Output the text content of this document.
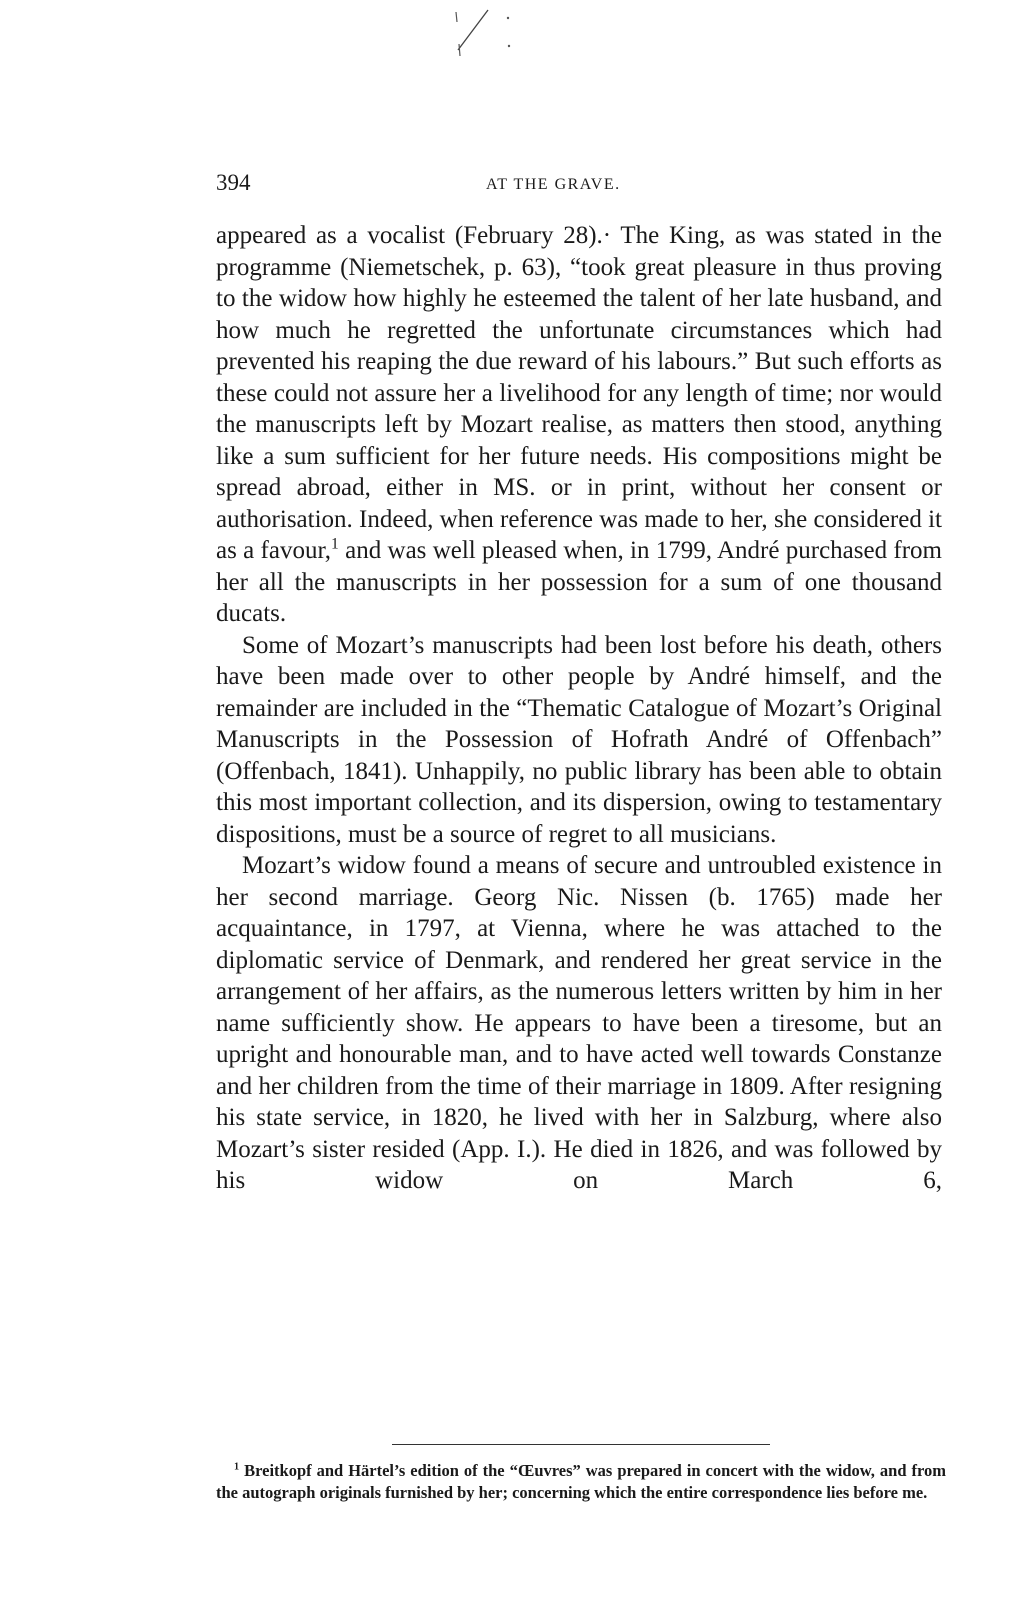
394	AT THE GRAVE.

appeared as a vocalist (February 28).· The King, as was stated in the programme (Niemetschek, p. 63), “took great pleasure in thus proving to the widow how highly he esteemed the talent of her late husband, and how much he regretted the unfortunate circumstances which had prevented his reaping the due reward of his labours.” But such efforts as these could not assure her a livelihood for any length of time; nor would the manuscripts left by Mozart realise, as matters then stood, anything like a sum sufficient for her future needs. His compositions might be spread abroad, either in MS. or in print, without her consent or authorisation. Indeed, when reference was made to her, she considered it as a favour,$^1$ and was well pleased when, in 1799, André purchased from her all the manuscripts in her possession for a sum of one thousand ducats.

Some of Mozart’s manuscripts had been lost before his death, others have been made over to other people by André himself, and the remainder are included in the “Thematic Catalogue of Mozart’s Original Manuscripts in the Possession of Hofrath André of Offenbach” (Offenbach, 1841). Unhappily, no public library has been able to obtain this most important collection, and its dispersion, owing to testamentary dispositions, must be a source of regret to all musicians.

Mozart’s widow found a means of secure and untroubled existence in her second marriage. Georg Nic. Nissen (b. 1765) made her acquaintance, in 1797, at Vienna, where he was attached to the diplomatic service of Denmark, and rendered her great service in the arrangement of her affairs, as the numerous letters written by him in her name sufficiently show. He appears to have been a tiresome, but an upright and honourable man, and to have acted well towards Constanze and her children from the time of their marriage in 1809. After resigning his state service, in 1820, he lived with her in Salzburg, where also Mozart’s sister resided (App. I.). He died in 1826, and was followed by his widow on March 6,

$^1$ Breitkopf and Härtel’s edition of the “Œuvres” was prepared in concert with the widow, and from the autograph originals furnished by her; concerning which the entire correspondence lies before me.
